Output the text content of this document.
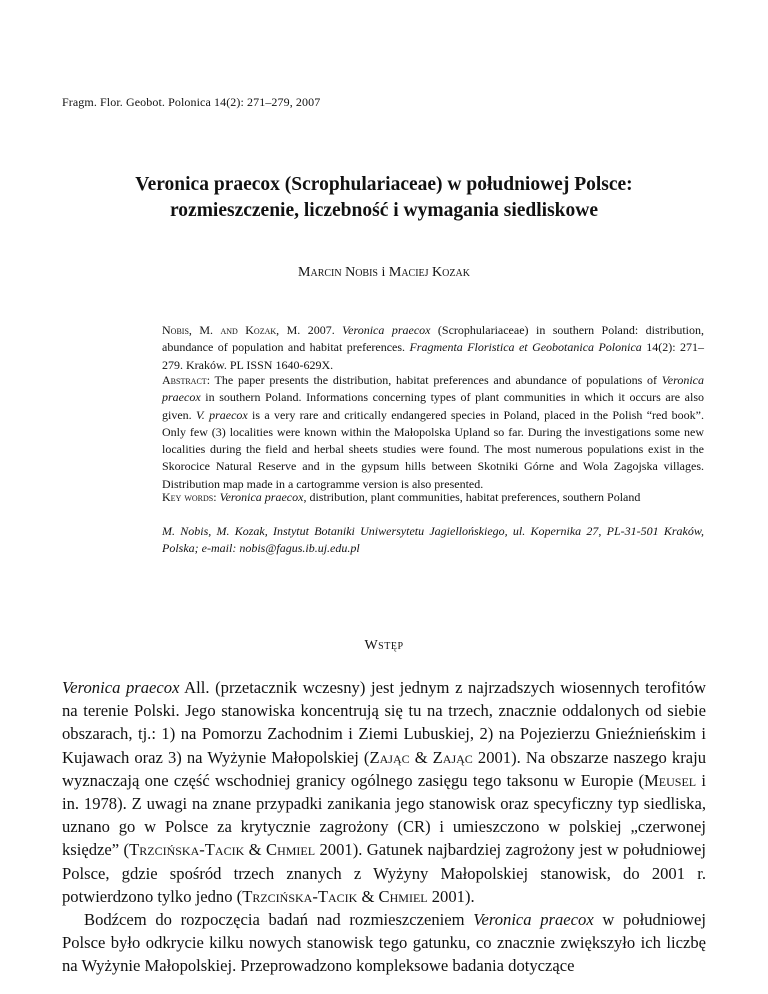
Fragm. Flor. Geobot. Polonica 14(2): 271–279, 2007
Veronica praecox (Scrophulariaceae) w południowej Polsce:
rozmieszczenie, liczebność i wymagania siedliskowe
Marcin Nobis i Maciej Kozak
Nobis, M. and Kozak, M. 2007. Veronica praecox (Scrophulariaceae) in southern Poland: distribution, abundance of population and habitat preferences. Fragmenta Floristica et Geobotanica Polonica 14(2): 271–279. Kraków. PL ISSN 1640-629X.
Abstract: The paper presents the distribution, habitat preferences and abundance of populations of Veronica praecox in southern Poland. Informations concerning types of plant communities in which it occurs are also given. V. praecox is a very rare and critically endangered species in Poland, placed in the Polish “red book”. Only few (3) localities were known within the Małopolska Upland so far. During the investigations some new localities during the field and herbal sheets studies were found. The most numerous populations exist in the Skorocice Natural Reserve and in the gypsum hills between Skotniki Górne and Wola Zagojska villages. Distribution map made in a cartogramme version is also presented.
Key words: Veronica praecox, distribution, plant communities, habitat preferences, southern Poland
M. Nobis, M. Kozak, Instytut Botaniki Uniwersytetu Jagiellońskiego, ul. Kopernika 27, PL-31-501 Kraków, Polska; e-mail: nobis@fagus.ib.uj.edu.pl
Wstęp

Veronica praecox All. (przetacznik wczesny) jest jednym z najrzadszych wiosennych terofitów na terenie Polski. Jego stanowiska koncentrują się tu na trzech, znacznie oddalonych od siebie obszarach, tj.: 1) na Pomorzu Zachodnim i Ziemi Lubuskiej, 2) na Pojezierzu Gnieźnieńskim i Kujawach oraz 3) na Wyżynie Małopolskiej (Zając & Zając 2001). Na obszarze naszego kraju wyznaczają one część wschodniej granicy ogólnego zasięgu tego taksonu w Europie (Meusel i in. 1978). Z uwagi na znane przypadki zanikania jego stanowisk oraz specyficzny typ siedliska, uznano go w Polsce za krytycznie zagrożony (CR) i umieszczono w polskiej „czerwonej księdze” (Trzcińska-Tacik & Chmiel 2001). Gatunek najbardziej zagrożony jest w południowej Polsce, gdzie spośród trzech znanych z Wyżyny Małopolskiej stanowisk, do 2001 r. potwierdzono tylko jedno (Trzcińska-Tacik & Chmiel 2001).

Bodźcem do rozpoczęcia badań nad rozmieszczeniem Veronica praecox w południowej Polsce było odkrycie kilku nowych stanowisk tego gatunku, co znacznie zwiększyło ich liczbę na Wyżynie Małopolskiej. Przeprowadzono kompleksowe badania dotyczące
